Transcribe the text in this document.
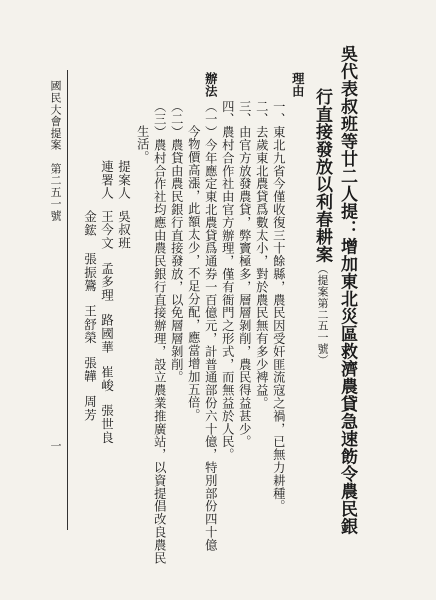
吳代表叔班等廿二人提：增加東北災區救濟農貸急速飭令農民銀
行直接發放以利春耕案（提案第二五一號）
理由
一、東北九省今僅收復三十餘縣，農民因受奸匪流寇之禍，已無力耕種。
二、去歲東北農貸爲數太小，對於農民無有多少裨益。
三、由官方放發農貸，弊竇極多，層層剝削，農民得益甚少。
四、農村合作社由官方辦理，僅有衙門之形式，而無益於人民。
辦法
（一）今年應定東北農貸爲通券一百億元，計普通部份六十億，特別部份四十億
今物價高漲，此額太少，不足分配，應當增加五倍。
（二）農貸由農民銀行直接發放，以免層層剝削。
（三）農村合作社均應由農民銀行直接辦理，設立農業推廣站，以資提倡改良農民
生活。
提案人吳叔班
連署人王今文孟多理路國華崔峻張世良
金鋐張振鷟王舒榮張韡周芳
國民大會提案　第二五一號
一
